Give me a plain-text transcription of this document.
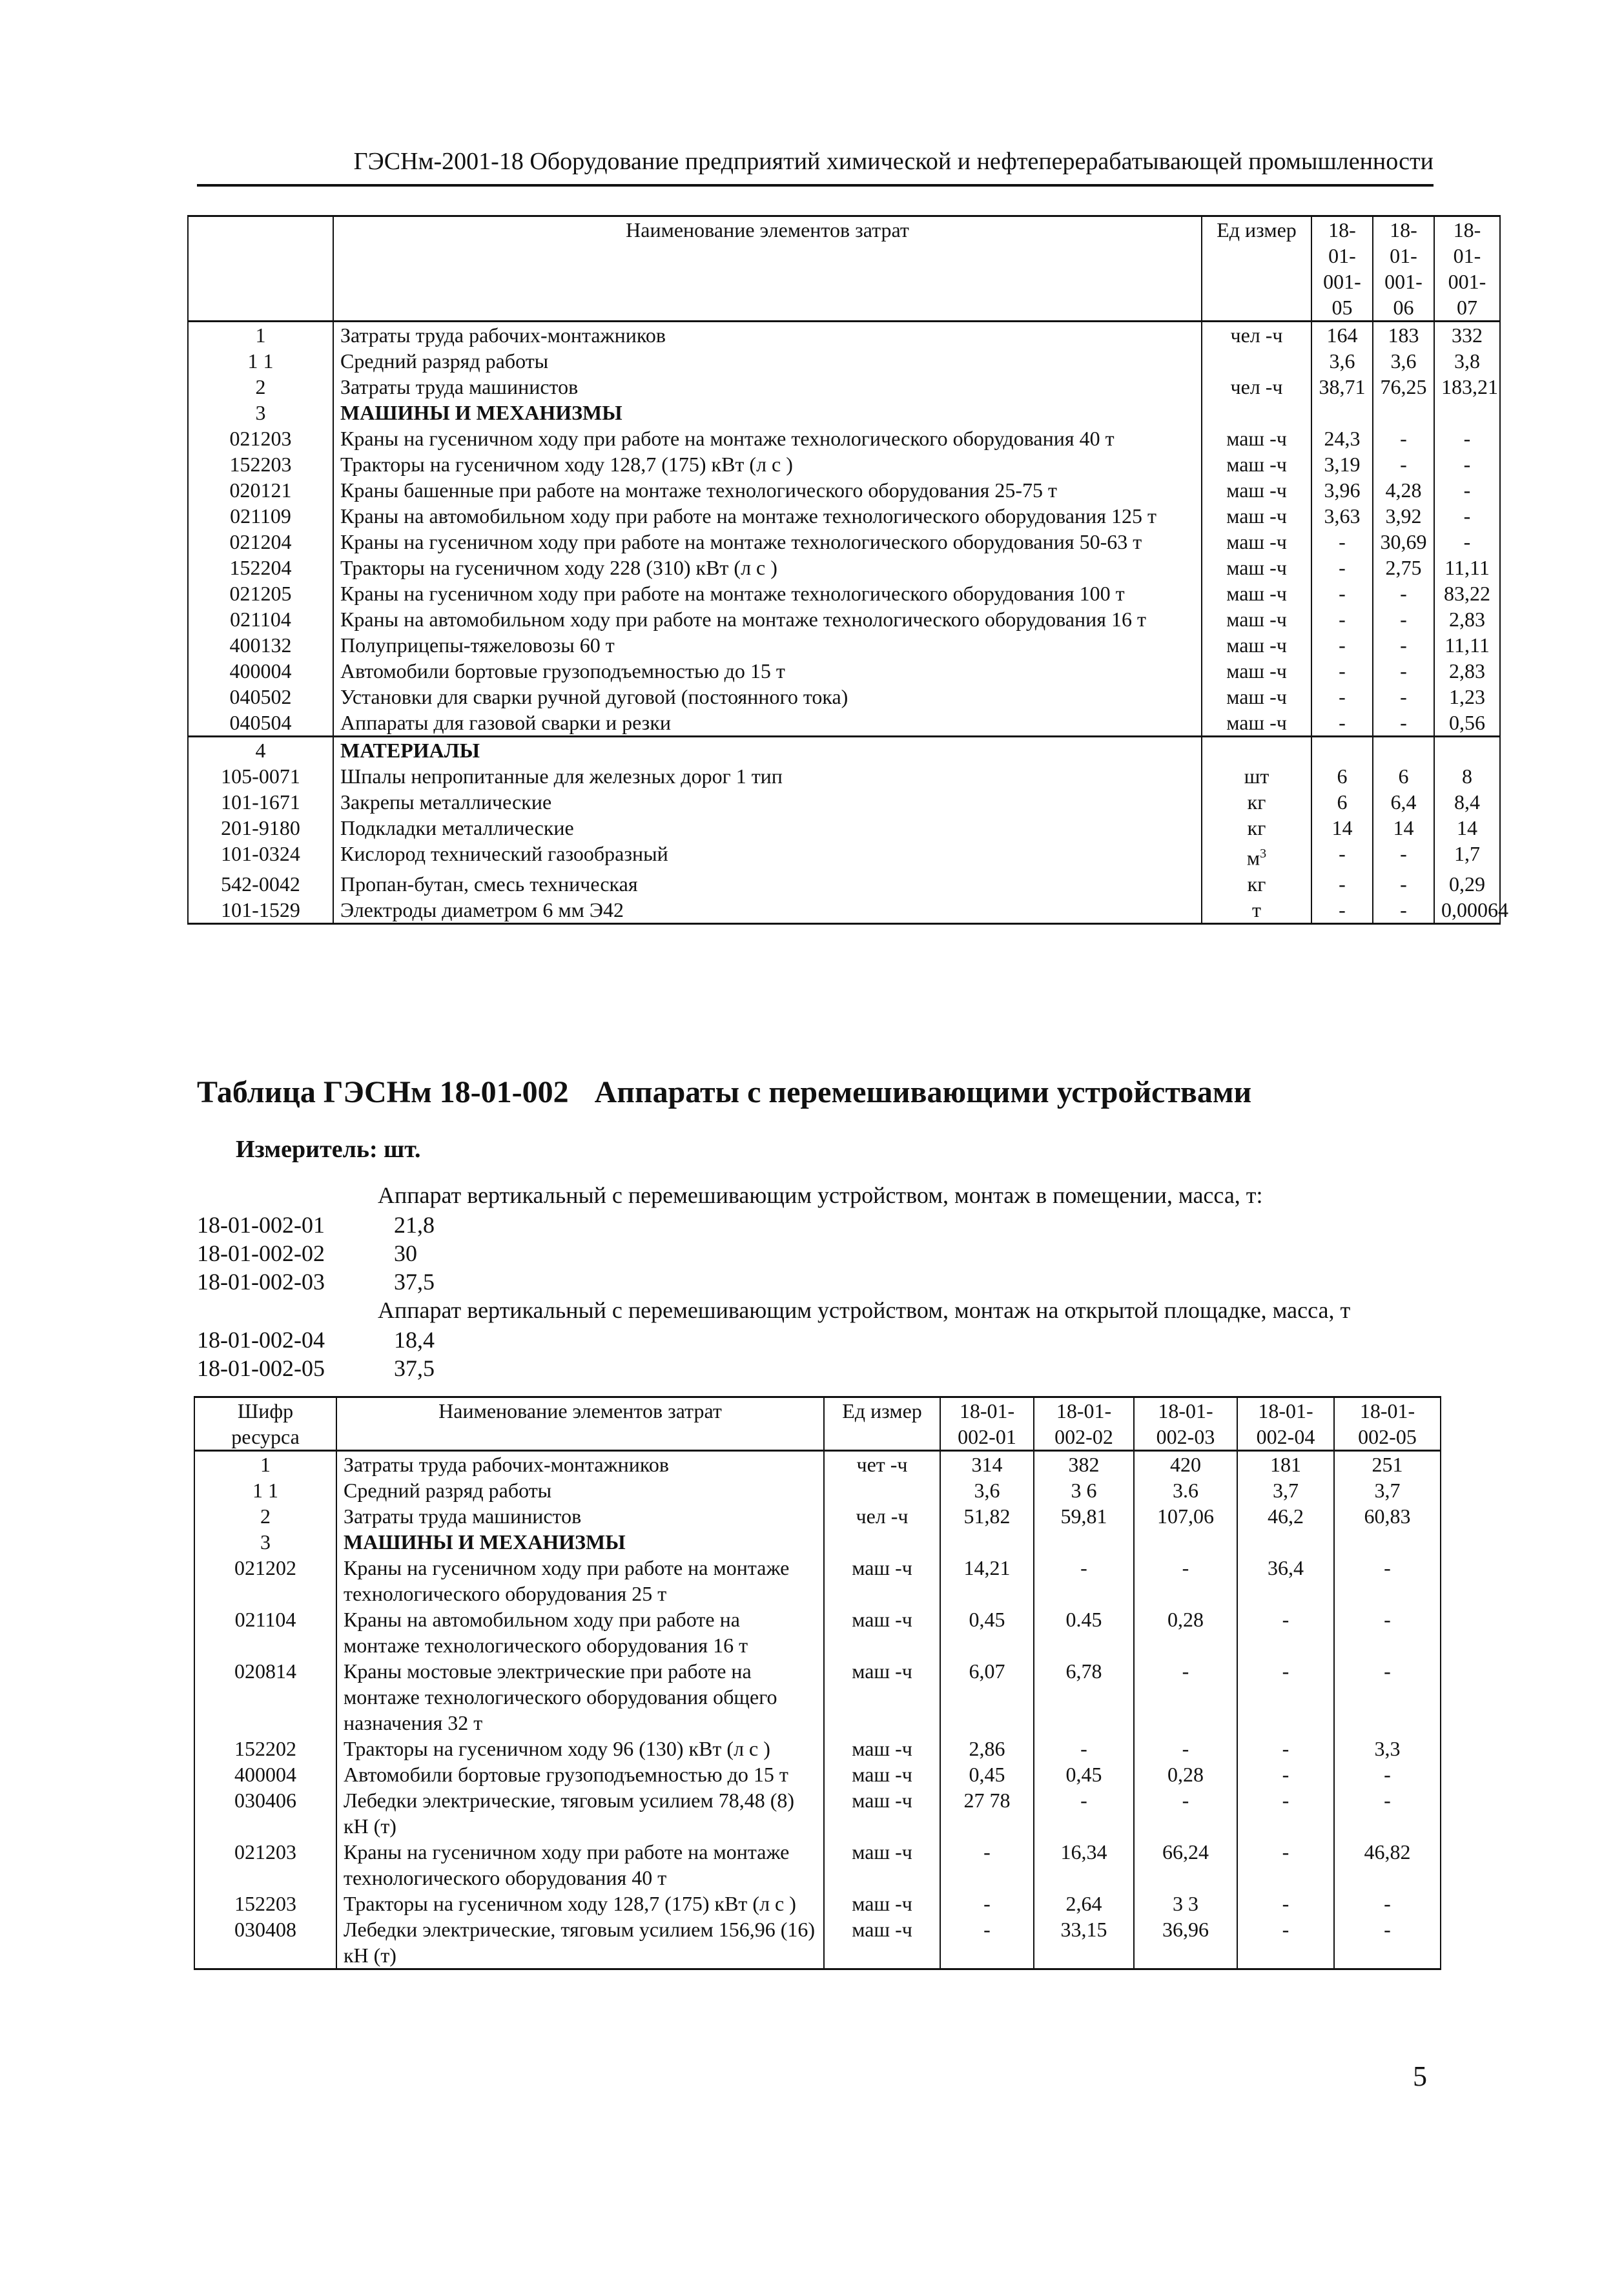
ГЭСНм-2001-18 Оборудование предприятий химической и нефтеперерабатывающей промышленности
	Наименование элементов затрат	Ед измер	18-01-001-05	18-01-001-06	18-01-001-07
1	Затраты труда рабочих-монтажников	чел -ч	164	183	332
1 1	Средний разряд работы		3,6	3,6	3,8
2	Затраты труда машинистов	чел -ч	38,71	76,25	183,21
3	МАШИНЫ И МЕХАНИЗМЫ				
021203	Краны на гусеничном ходу при работе на монтаже технологического оборудования 40 т	маш -ч	24,3	-	-
152203	Тракторы на гусеничном ходу 128,7 (175) кВт (л с )	маш -ч	3,19	-	-
020121	Краны башенные при работе на монтаже технологического оборудования 25-75 т	маш -ч	3,96	4,28	-
021109	Краны на автомобильном ходу при работе на монтаже технологического оборудования 125 т	маш -ч	3,63	3,92	-
021204	Краны на гусеничном ходу при работе на монтаже технологического оборудования 50-63 т	маш -ч	-	30,69	-
152204	Тракторы на гусеничном ходу 228 (310) кВт (л с )	маш -ч	-	2,75	11,11
021205	Краны на гусеничном ходу при работе на монтаже технологического оборудования 100 т	маш -ч	-	-	83,22
021104	Краны на автомобильном ходу при работе на монтаже технологического оборудования 16 т	маш -ч	-	-	2,83
400132	Полуприцепы-тяжеловозы 60 т	маш -ч	-	-	11,11
400004	Автомобили бортовые грузоподъемностью до 15 т	маш -ч	-	-	2,83
040502	Установки для сварки ручной дуговой (постоянного тока)	маш -ч	-	-	1,23
040504	Аппараты для газовой сварки и резки	маш -ч	-	-	0,56
4	МАТЕРИАЛЫ				
105-0071	Шпалы непропитанные для железных дорог 1 тип	шт	6	6	8
101-1671	Закрепы металлические	кг	6	6,4	8,4
201-9180	Подкладки металлические	кг	14	14	14
101-0324	Кислород технический газообразный	$м^3$	-	-	1,7
542-0042	Пропан-бутан, смесь техническая	кг	-	-	0,29
101-1529	Электроды диаметром 6 мм Э42	т	-	-	0,00064
Таблица ГЭСНм 18-01-002 Аппараты с перемешивающими устройствами
Измеритель: шт.
Аппарат вертикальный с перемешивающим устройством, монтаж в помещении, масса, т:
18-01-002-01	21,8
18-01-002-02	30
18-01-002-03	37,5
Аппарат вертикальный с перемешивающим устройством, монтаж на открытой площадке, масса, т
18-01-002-04	18,4
18-01-002-05	37,5
Шифр ресурса	Наименование элементов затрат	Ед измер	18-01-002-01	18-01-002-02	18-01-002-03	18-01-002-04	18-01-002-05
1	Затраты труда рабочих-монтажников	чет -ч	314	382	420	181	251
1 1	Средний разряд работы		3,6	3 6	3.6	3,7	3,7
2	Затраты труда машинистов	чел -ч	51,82	59,81	107,06	46,2	60,83
3	МАШИНЫ И МЕХАНИЗМЫ						
021202	Краны на гусеничном ходу при работе на монтаже технологического оборудования 25 т	маш -ч	14,21	-	-	36,4	-
021104	Краны на автомобильном ходу при работе на монтаже технологического оборудования 16 т	маш -ч	0,45	0.45	0,28	-	-
020814	Краны мостовые электрические при работе на монтаже технологического оборудования общего назначения 32 т	маш -ч	6,07	6,78	-	-	-
152202	Тракторы на гусеничном ходу 96 (130) кВт (л с )	маш -ч	2,86	-	-	-	3,3
400004	Автомобили бортовые грузоподъемностью до 15 т	маш -ч	0,45	0,45	0,28	-	-
030406	Лебедки электрические, тяговым усилием 78,48 (8) кН (т)	маш -ч	27 78	-	-	-	-
021203	Краны на гусеничном ходу при работе на монтаже технологического оборудования 40 т	маш -ч	-	16,34	66,24	-	46,82
152203	Тракторы на гусеничном ходу 128,7 (175) кВт (л с )	маш -ч	-	2,64	3 3	-	-
030408	Лебедки электрические, тяговым усилием 156,96 (16) кН (т)	маш -ч	-	33,15	36,96	-	-
5
